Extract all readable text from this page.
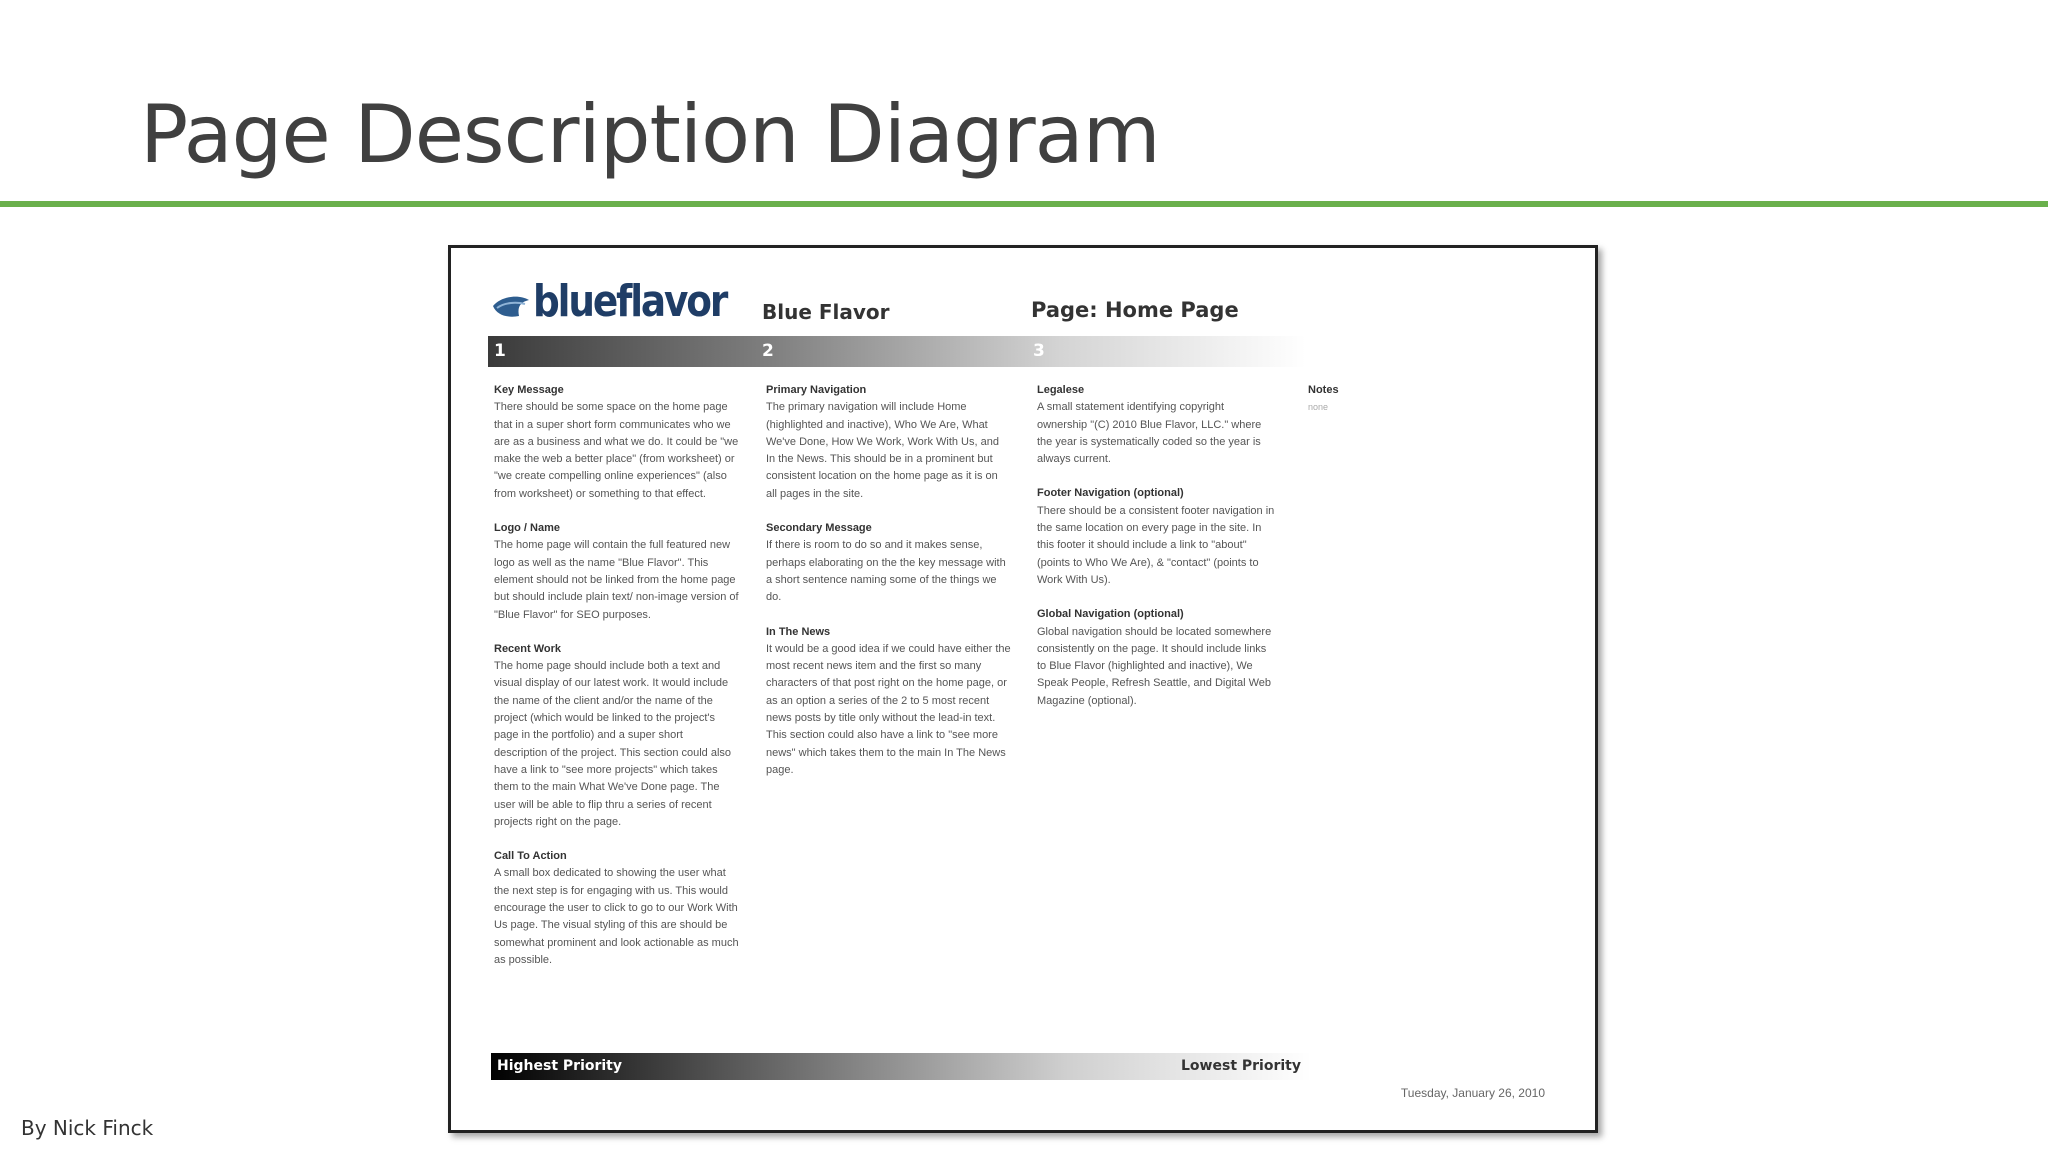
Page Description Diagram
blueflavor Blue Flavor	Page: Home Page
1	2	3
Key Message
There should be some space on the home page that in a super short form communicates who we are as a business and what we do. It could be "we make the web a better place" (from worksheet) or "we create compelling online experiences" (also from worksheet) or something to that effect.
Logo / Name
The home page will contain the full featured new logo as well as the name "Blue Flavor". This element should not be linked from the home page but should include plain text/ non-image version of "Blue Flavor" for SEO purposes.
Recent Work
The home page should include both a text and visual display of our latest work. It would include the name of the client and/or the name of the project (which would be linked to the project's page in the portfolio) and a super short description of the project. This section could also have a link to "see more projects" which takes them to the main What We've Done page. The user will be able to flip thru a series of recent projects right on the page.
Call To Action
A small box dedicated to showing the user what the next step is for engaging with us. This would encourage the user to click to go to our Work With Us page. The visual styling of this are should be somewhat prominent and look actionable as much as possible.
Primary Navigation
The primary navigation will include Home (highlighted and inactive), Who We Are, What We've Done, How We Work, Work With Us, and In the News. This should be in a prominent but consistent location on the home page as it is on all pages in the site.
Secondary Message
If there is room to do so and it makes sense, perhaps elaborating on the the key message with a short sentence naming some of the things we do.
In The News
It would be a good idea if we could have either the most recent news item and the first so many characters of that post right on the home page, or as an option a series of the 2 to 5 most recent news posts by title only without the lead-in text. This section could also have a link to "see more news" which takes them to the main In The News page.
Legalese
A small statement identifying copyright ownership "(C) 2010 Blue Flavor, LLC." where the year is systematically coded so the year is always current.
Footer Navigation (optional)
There should be a consistent footer navigation in the same location on every page in the site. In this footer it should include a link to "about" (points to Who We Are), & "contact" (points to Work With Us).
Global Navigation (optional)
Global navigation should be located somewhere consistently on the page. It should include links to Blue Flavor (highlighted and inactive), We Speak People, Refresh Seattle, and Digital Web Magazine (optional).
Notes
none
Highest Priority	Lowest Priority
Tuesday, January 26, 2010
By Nick Finck
